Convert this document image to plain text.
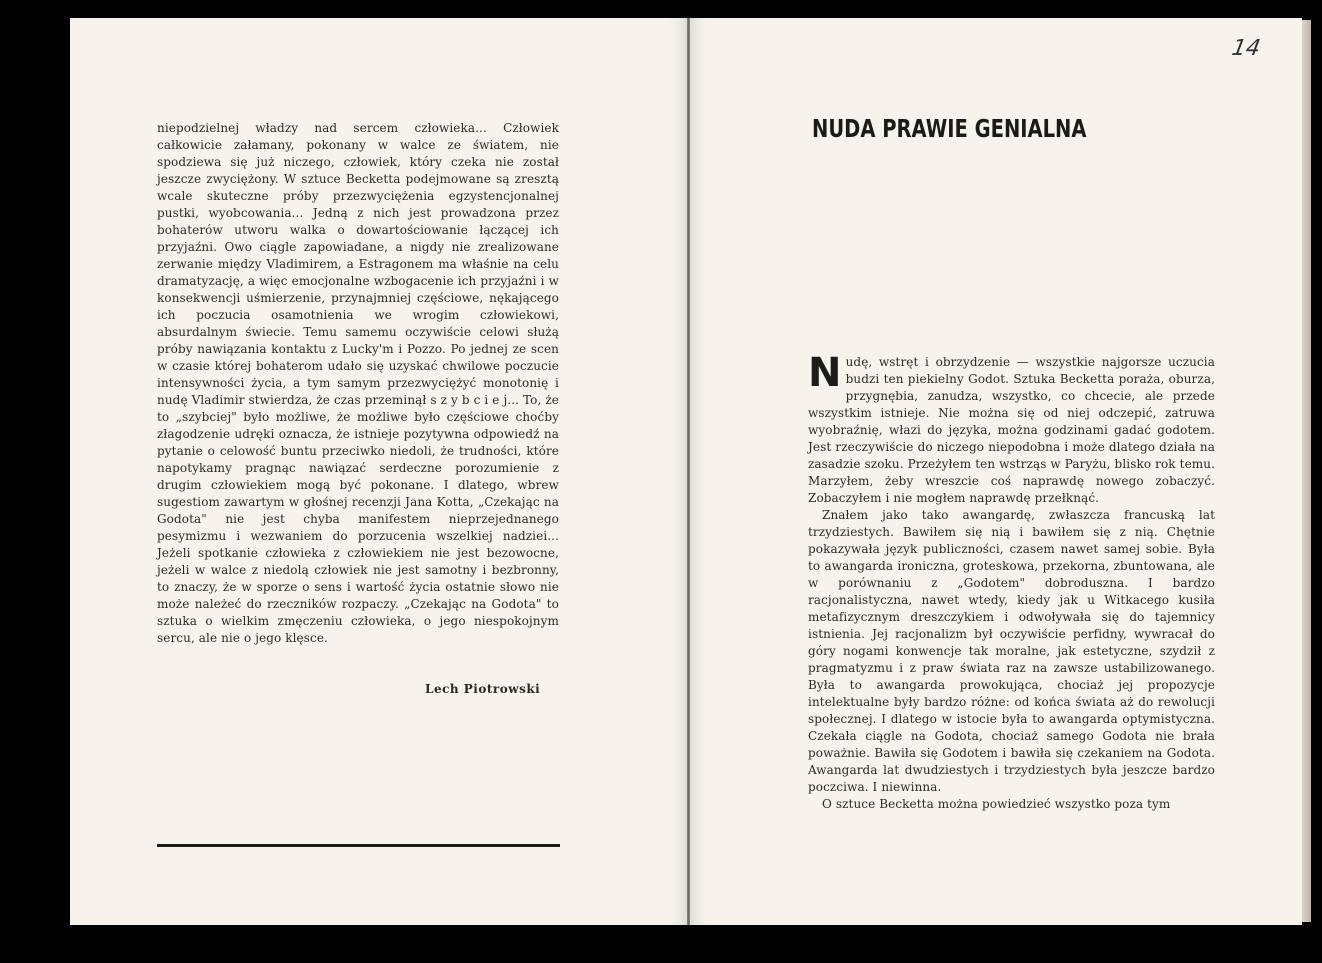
niepodzielnej władzy nad sercem człowieka... Człowiek całkowicie załamany, pokonany w walce ze światem, nie spodziewa się już niczego, człowiek, który czeka nie został jeszcze zwyciężony. W sztuce Becketta podejmowane są zresztą wcale skuteczne próby przezwyciężenia egzystencjonalnej pustki, wyobcowania... Jedną z nich jest prowadzona przez bohaterów utworu walka o dowartościowanie łączącej ich przyjaźni. Owo ciągle zapowiadane, a nigdy nie zrealizowane zerwanie między Vladimirem, a Estragonem ma właśnie na celu dramatyzację, a więc emocjonalne wzbogacenie ich przyjaźni i w konsekwencji uśmierzenie, przynajmniej częściowe, nękającego ich poczucia osamotnienia we wrogim człowiekowi, absurdalnym świecie. Temu samemu oczywiście celowi służą próby nawiązania kontaktu z Lucky'm i Pozzo. Po jednej ze scen w czasie której bohaterom udało się uzyskać chwilowe poczucie intensywności życia, a tym samym przezwyciężyć monotonię i nudę Vladimir stwierdza, że czas przeminął s z y b c i e j... To, że to „szybciej" było możliwe, że możliwe było częściowe choćby złagodzenie udręki oznacza, że istnieje pozytywna odpowiedź na pytanie o celowość buntu przeciwko niedoli, że trudności, które napotykamy pragnąc nawiązać serdeczne porozumienie z drugim człowiekiem mogą być pokonane. I dlatego, wbrew sugestiom zawartym w głośnej recenzji Jana Kotta, „Czekając na Godota" nie jest chyba manifestem nieprzejednanego pesymizmu i wezwaniem do porzucenia wszelkiej nadziei... Jeżeli spotkanie człowieka z człowiekiem nie jest bezowocne, jeżeli w walce z niedolą człowiek nie jest samotny i bezbronny, to znaczy, że w sporze o sens i wartość życia ostatnie słowo nie może należeć do rzeczników rozpaczy. „Czekając na Godota" to sztuka o wielkim zmęczeniu człowieka, o jego niespokojnym sercu, ale nie o jego klęsce.

Lech Piotrowski
14
NUDA PRAWIE GENIALNA

Nudę, wstręt i obrzydzenie — wszystkie najgorsze uczucia budzi ten piekielny Godot. Sztuka Becketta poraża, oburza, przygnębia, zanudza, wszystko, co chcecie, ale przede wszystkim istnieje. Nie można się od niej odczepić, zatruwa wyobraźnię, włazi do języka, można godzinami gadać godotem. Jest rzeczywiście do niczego niepodobna i może dlatego działa na zasadzie szoku. Przeżyłem ten wstrząs w Paryżu, blisko rok temu. Marzyłem, żeby wreszcie coś naprawdę nowego zobaczyć. Zobaczyłem i nie mogłem naprawdę przełknąć.

Znałem jako tako awangardę, zwłaszcza francuską lat trzydziestych. Bawiłem się nią i bawiłem się z nią. Chętnie pokazywała język publiczności, czasem nawet samej sobie. Była to awangarda ironiczna, groteskowa, przekorna, zbuntowana, ale w porównaniu z „Godotem" dobroduszna. I bardzo racjonalistyczna, nawet wtedy, kiedy jak u Witkacego kusiła metafizycznym dreszczykiem i odwoływała się do tajemnicy istnienia. Jej racjonalizm był oczywiście perfidny, wywracał do góry nogami konwencje tak moralne, jak estetyczne, szydził z pragmatyzmu i z praw świata raz na zawsze ustabilizowanego. Była to awangarda prowokująca, chociaż jej propozycje intelektualne były bardzo różne: od końca świata aż do rewolucji społecznej. I dlatego w istocie była to awangarda optymistyczna. Czekała ciągle na Godota, chociaż samego Godota nie brała poważnie. Bawiła się Godotem i bawiła się czekaniem na Godota. Awangarda lat dwudziestych i trzydziestych była jeszcze bardzo poczciwa. I niewinna.

O sztuce Becketta można powiedzieć wszystko poza tym
